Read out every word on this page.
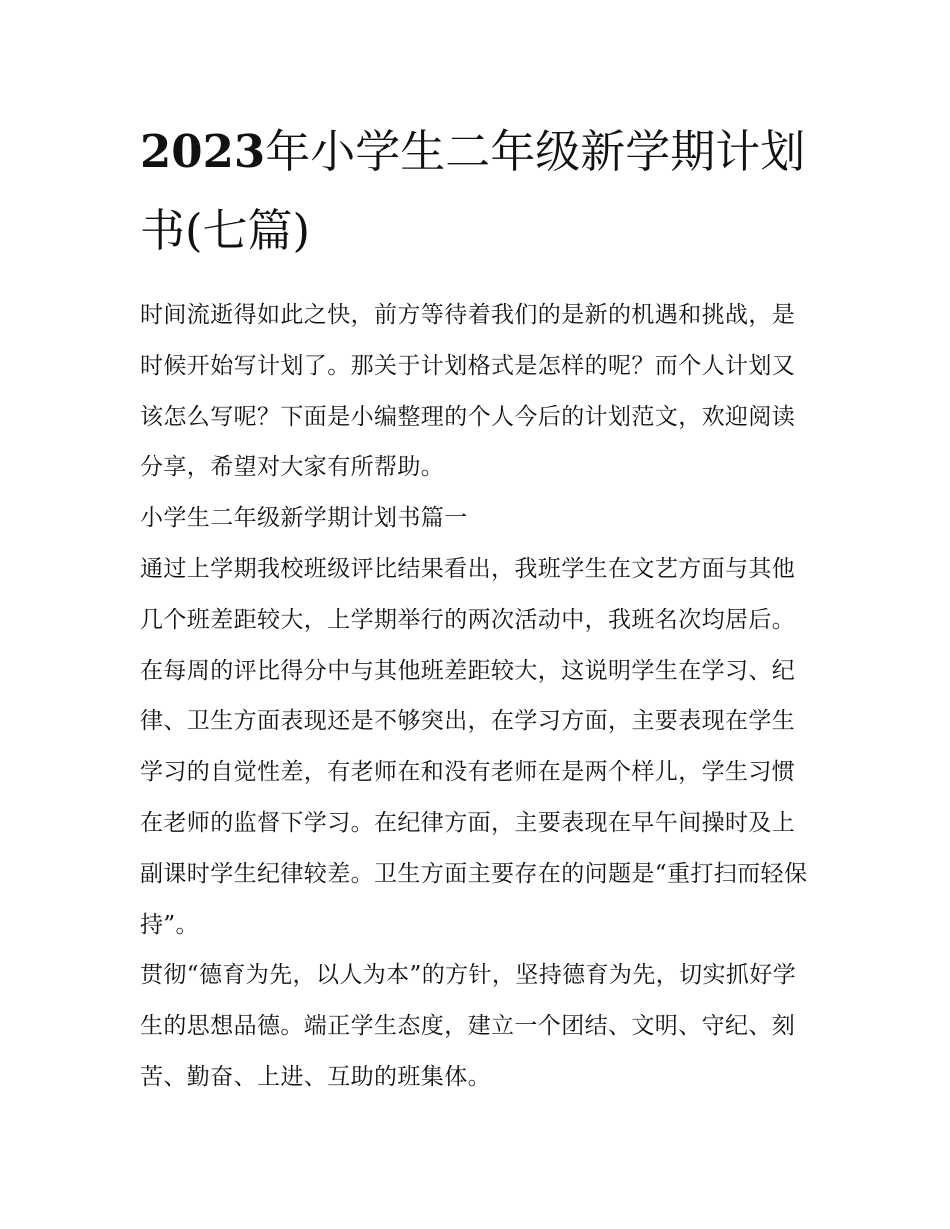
2023年小学生二年级新学期计划书(七篇)

时间流逝得如此之快，前方等待着我们的是新的机遇和挑战，是时候开始写计划了。那关于计划格式是怎样的呢？而个人计划又该怎么写呢？下面是小编整理的个人今后的计划范文，欢迎阅读分享，希望对大家有所帮助。

小学生二年级新学期计划书篇一

通过上学期我校班级评比结果看出，我班学生在文艺方面与其他几个班差距较大，上学期举行的两次活动中，我班名次均居后。在每周的评比得分中与其他班差距较大，这说明学生在学习、纪律、卫生方面表现还是不够突出，在学习方面，主要表现在学生学习的自觉性差，有老师在和没有老师在是两个样儿，学生习惯在老师的监督下学习。在纪律方面，主要表现在早午间操时及上副课时学生纪律较差。卫生方面主要存在的问题是“重打扫而轻保持”。

贯彻“德育为先，以人为本”的方针，坚持德育为先，切实抓好学生的思想品德。端正学生态度，建立一个团结、文明、守纪、刻苦、勤奋、上进、互助的班集体。
